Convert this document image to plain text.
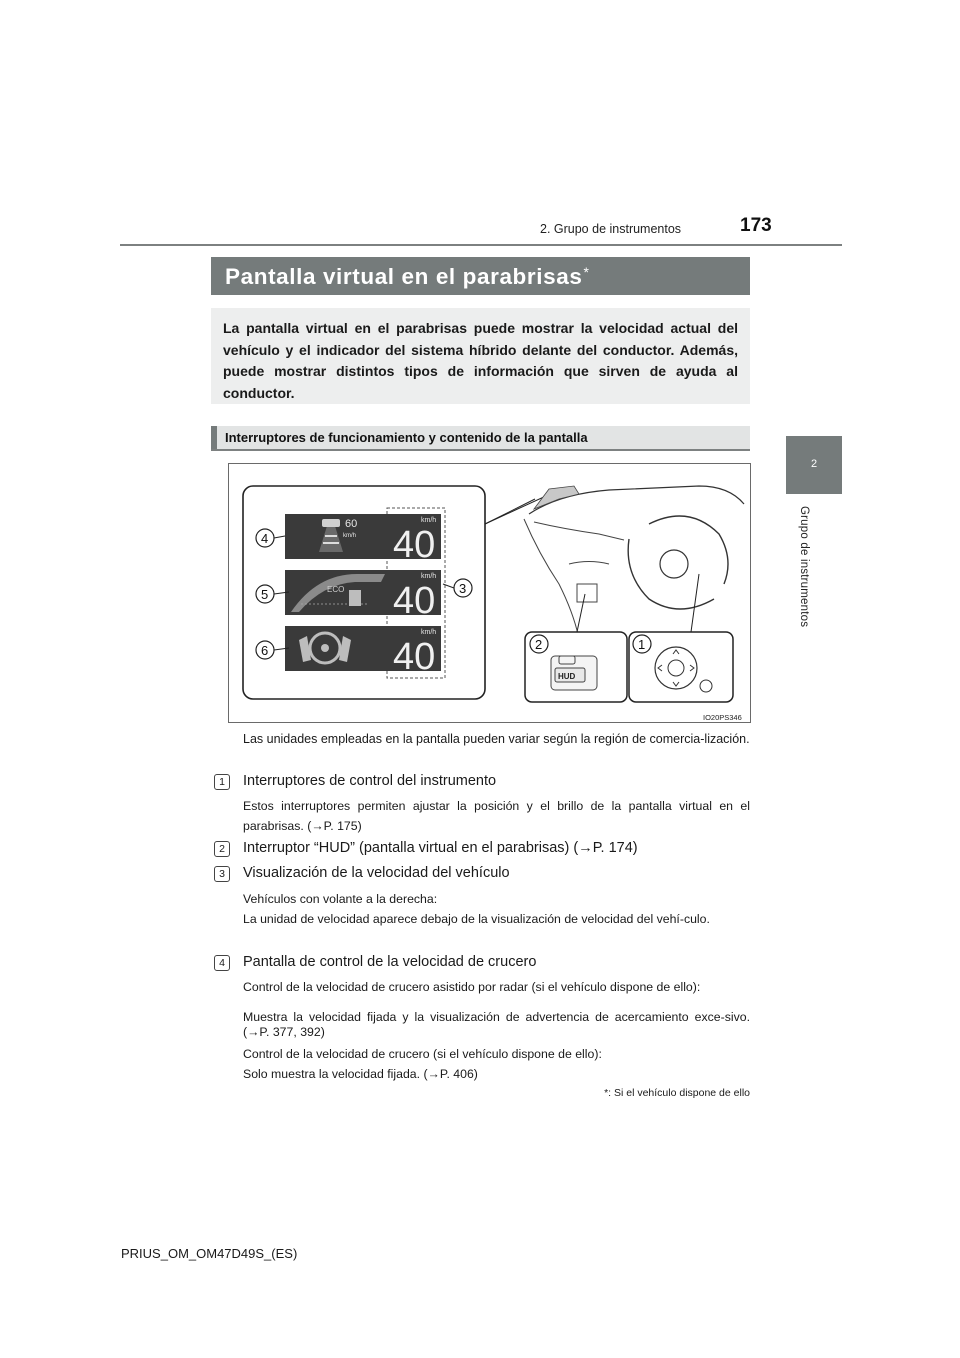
2. Grupo de instrumentos	173
2
Grupo de instrumentos
Pantalla virtual en el parabrisas*

La pantalla virtual en el parabrisas puede mostrar la velocidad actual del vehículo y el indicador del sistema híbrido delante del conductor. Además, puede mostrar distintos tipos de información que sirven de ayuda al conductor.

Interruptores de funcionamiento y contenido de la pantalla
60
km/h
km/h
40
ECO
km/h
40
km/h
40	HUD
4
5
6
3
2	1
IO20PS346
Las unidades empleadas en la pantalla pueden variar según la región de comercia-lización.
1	Interruptores de control del instrumento
Estos interruptores permiten ajustar la posición y el brillo de la pantalla virtual en el parabrisas. (→P. 175)
2	Interruptor “HUD” (pantalla virtual en el parabrisas) (→P. 174)
3	Visualización de la velocidad del vehículo
Vehículos con volante a la derecha:
La unidad de velocidad aparece debajo de la visualización de velocidad del vehí-culo.
4	Pantalla de control de la velocidad de crucero
Control de la velocidad de crucero asistido por radar (si el vehículo dispone de ello):
Muestra la velocidad fijada y la visualización de advertencia de acercamiento exce-sivo. (→P. 377, 392)
Control de la velocidad de crucero (si el vehículo dispone de ello):
Solo muestra la velocidad fijada. (→P. 406)
*: Si el vehículo dispone de ello
PRIUS_OM_OM47D49S_(ES)
